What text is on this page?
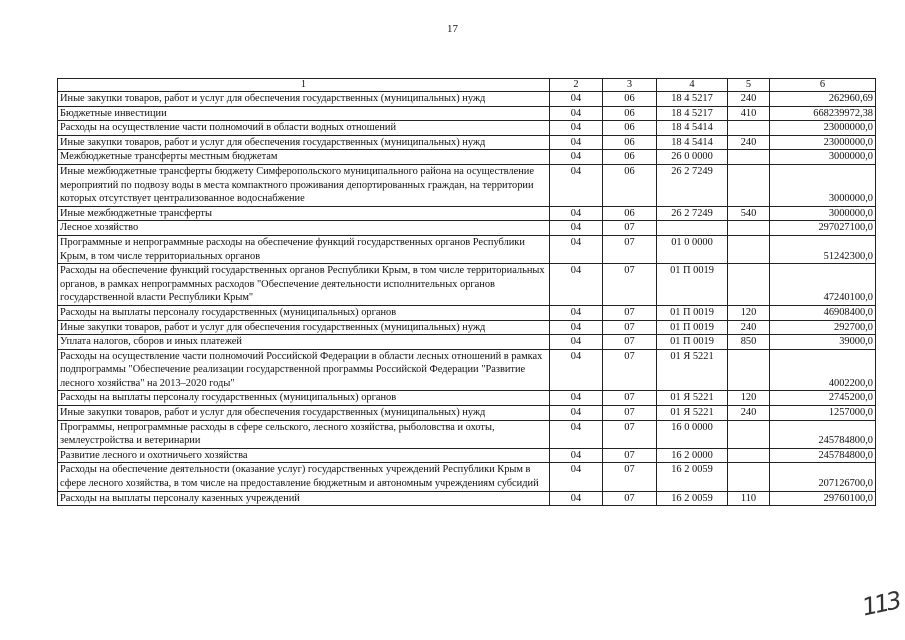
17
1	2	3	4	5	6
Иные закупки товаров, работ и услуг для обеспечения государственных (муниципальных) нужд	04	06	18 4 5217	240	262960,69
Бюджетные инвестиции	04	06	18 4 5217	410	668239972,38
Расходы на осуществление части полномочий в области водных отношений	04	06	18 4 5414		23000000,0
Иные закупки товаров, работ и услуг для обеспечения государственных (муниципальных) нужд	04	06	18 4 5414	240	23000000,0
Межбюджетные трансферты местным бюджетам	04	06	26 0 0000		3000000,0
Иные межбюджетные трансферты бюджету Симферопольского муниципального района на осуществление мероприятий по подвозу воды в места компактного проживания депортированных граждан, на территории которых отсутствует централизованное водоснабжение	04	06	26 2 7249		3000000,0
Иные межбюджетные трансферты	04	06	26 2 7249	540	3000000,0
Лесное хозяйство	04	07			297027100,0
Программные и непрограммные расходы на обеспечение функций государственных органов Республики Крым, в том числе территориальных органов	04	07	01 0 0000		51242300,0
Расходы на обеспечение функций государственных органов Республики Крым, в том числе территориальных органов, в рамках непрограммных расходов "Обеспечение деятельности исполнительных органов государственной власти Республики Крым"	04	07	01 П 0019		47240100,0
Расходы на выплаты персоналу государственных (муниципальных) органов	04	07	01 П 0019	120	46908400,0
Иные закупки товаров, работ и услуг для обеспечения государственных (муниципальных) нужд	04	07	01 П 0019	240	292700,0
Уплата налогов, сборов и иных платежей	04	07	01 П 0019	850	39000,0
Расходы на осуществление части полномочий Российской Федерации в области лесных отношений в рамках подпрограммы "Обеспечение реализации государственной программы Российской Федерации "Развитие лесного хозяйства" на 2013–2020 годы"	04	07	01 Я 5221		4002200,0
Расходы на выплаты персоналу государственных (муниципальных) органов	04	07	01 Я 5221	120	2745200,0
Иные закупки товаров, работ и услуг для обеспечения государственных (муниципальных) нужд	04	07	01 Я 5221	240	1257000,0
Программы, непрограммные расходы в сфере сельского, лесного хозяйства, рыболовства и охоты, землеустройства и ветеринарии	04	07	16 0 0000		245784800,0
Развитие лесного и охотничьего хозяйства	04	07	16 2 0000		245784800,0
Расходы на обеспечение деятельности (оказание услуг) государственных учреждений Республики Крым в сфере лесного хозяйства, в том числе на предоставление бюджетным и автономным учреждениям субсидий	04	07	16 2 0059		207126700,0
Расходы на выплаты персоналу казенных учреждений	04	07	16 2 0059	110	29760100,0
113
